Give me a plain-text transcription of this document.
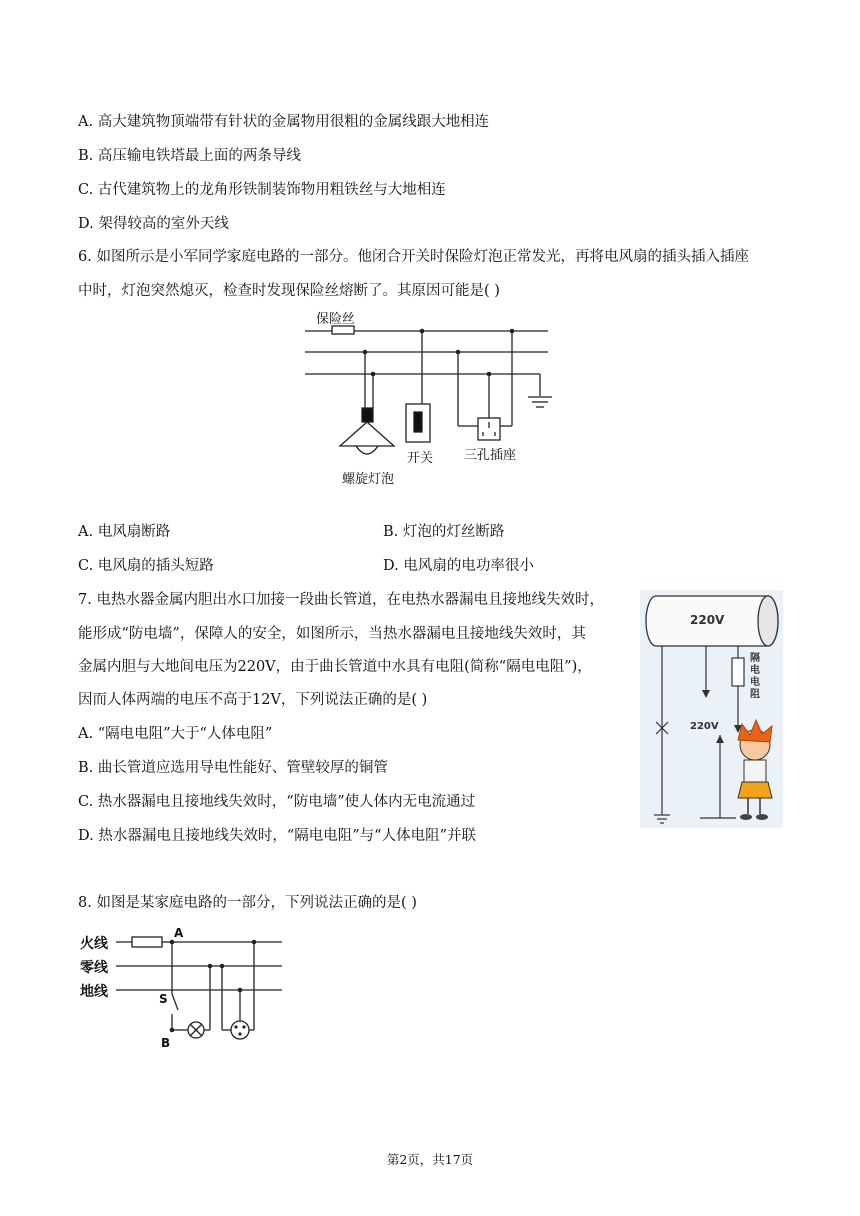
A. 高大建筑物顶端带有针状的金属物用很粗的金属线跟大地相连
B. 高压输电铁塔最上面的两条导线
C. 古代建筑物上的龙角形铁制装饰物用粗铁丝与大地相连
D. 架得较高的室外天线
6. 如图所示是小军同学家庭电路的一部分。他闭合开关时保险灯泡正常发光，再将电风扇的插头插入插座
中时，灯泡突然熄灭，检查时发现保险丝熔断了。其原因可能是( )
保险丝
螺旋灯泡
开关 三孔插座
A. 电风扇断路	B. 灯泡的灯丝断路
C. 电风扇的插头短路	D. 电风扇的电功率很小
7. 电热水器金属内胆出水口加接一段曲长管道，在电热水器漏电且接地线失效时，
能形成“防电墙”，保障人的安全，如图所示，当热水器漏电且接地线失效时，其
金属内胆与大地间电压为220V，由于曲长管道中水具有电阻(简称“隔电电阻”)，
因而人体两端的电压不高于12V，下列说法正确的是( )
A. “隔电电阻”大于“人体电阻”
B. 曲长管道应选用导电性能好、管壁较厚的铜管
C. 热水器漏电且接地线失效时，“防电墙”使人体内无电流通过
D. 热水器漏电且接地线失效时，“隔电电阻”与“人体电阻”并联
220V
220V
隔
电
电
阻
8. 如图是某家庭电路的一部分，下列说法正确的是( )
火线
零线
地线
A
S
B
第2页，共17页
